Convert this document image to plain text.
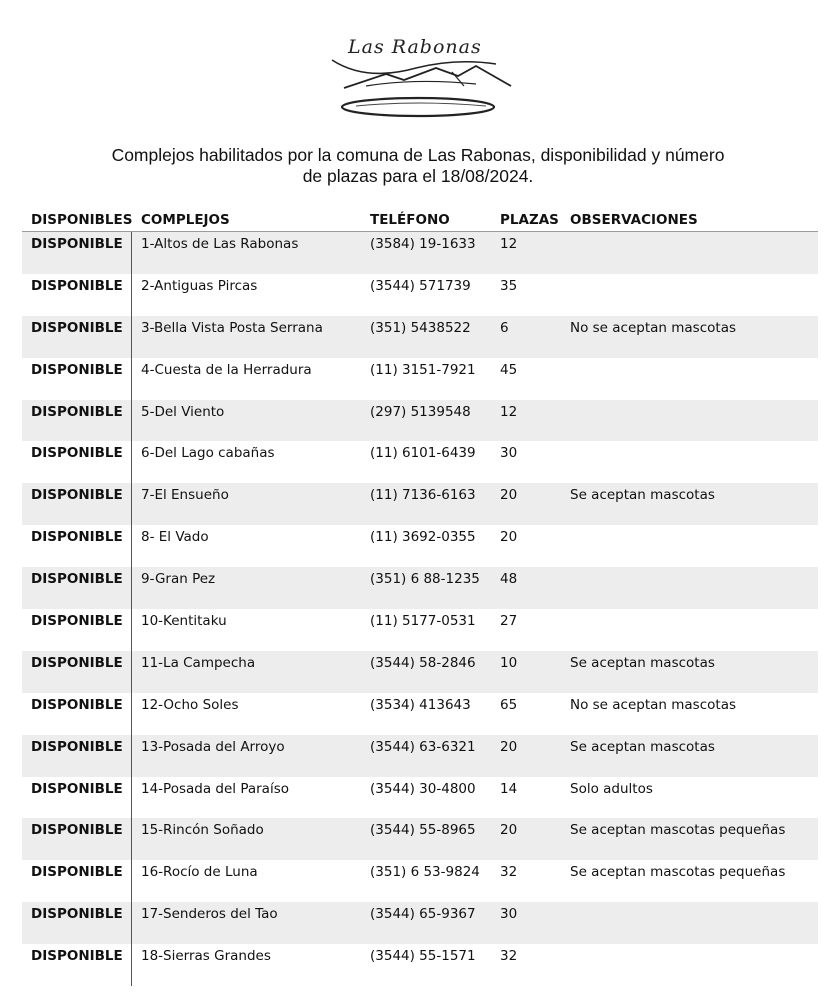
Las Rabonas
Complejos habilitados por la comuna de Las Rabonas, disponibilidad y número
de plazas para el 18/08/2024.
DISPONIBLES COMPLEJOS	TELÉFONO	PLAZAS OBSERVACIONES
DISPONIBLE 1-Altos de Las Rabonas	(3584) 19-1633 12
DISPONIBLE 2-Antiguas Pircas	(3544) 571739 35
DISPONIBLE 3-Bella Vista Posta Serrana	(351) 5438522 6	No se aceptan mascotas
DISPONIBLE 4-Cuesta de la Herradura	(11) 3151-7921 45
DISPONIBLE 5-Del Viento	(297) 5139548 12
DISPONIBLE 6-Del Lago cabañas	(11) 6101-6439 30
DISPONIBLE 7-El Ensueño	(11) 7136-6163 20	Se aceptan mascotas
DISPONIBLE 8- El Vado	(11) 3692-0355 20
DISPONIBLE 9-Gran Pez	(351) 6 88-1235 48
DISPONIBLE 10-Kentitaku	(11) 5177-0531 27
DISPONIBLE 11-La Campecha	(3544) 58-2846 10	Se aceptan mascotas
DISPONIBLE 12-Ocho Soles	(3534) 413643 65	No se aceptan mascotas
DISPONIBLE 13-Posada del Arroyo	(3544) 63-6321 20	Se aceptan mascotas
DISPONIBLE 14-Posada del Paraíso	(3544) 30-4800 14	Solo adultos
DISPONIBLE 15-Rincón Soñado	(3544) 55-8965 20	Se aceptan mascotas pequeñas
DISPONIBLE 16-Rocío de Luna	(351) 6 53-9824 32	Se aceptan mascotas pequeñas
DISPONIBLE 17-Senderos del Tao	(3544) 65-9367 30
DISPONIBLE 18-Sierras Grandes	(3544) 55-1571 32
